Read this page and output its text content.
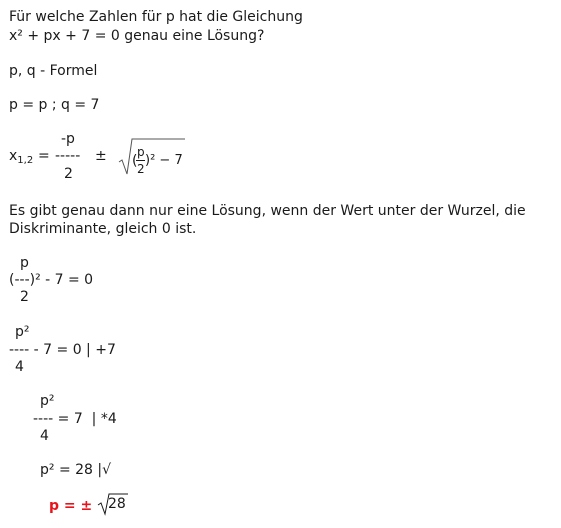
Für welche Zahlen für p hat die Gleichung
x² + px + 7 = 0 genau eine Lösung?
p, q - Formel
p = p ; q = 7
$x_{1,2}$ =
-p
-----
2
± (
p
2
)² − 7
Es gibt genau dann nur eine Lösung, wenn der Wert unter der Wurzel, die
Diskriminante, gleich 0 ist.
p
(---)² - 7 = 0
2
p²
---- - 7 = 0 | +7
4
p²
---- = 7  | *4
4
p² = 28 |√
p = ± 28
